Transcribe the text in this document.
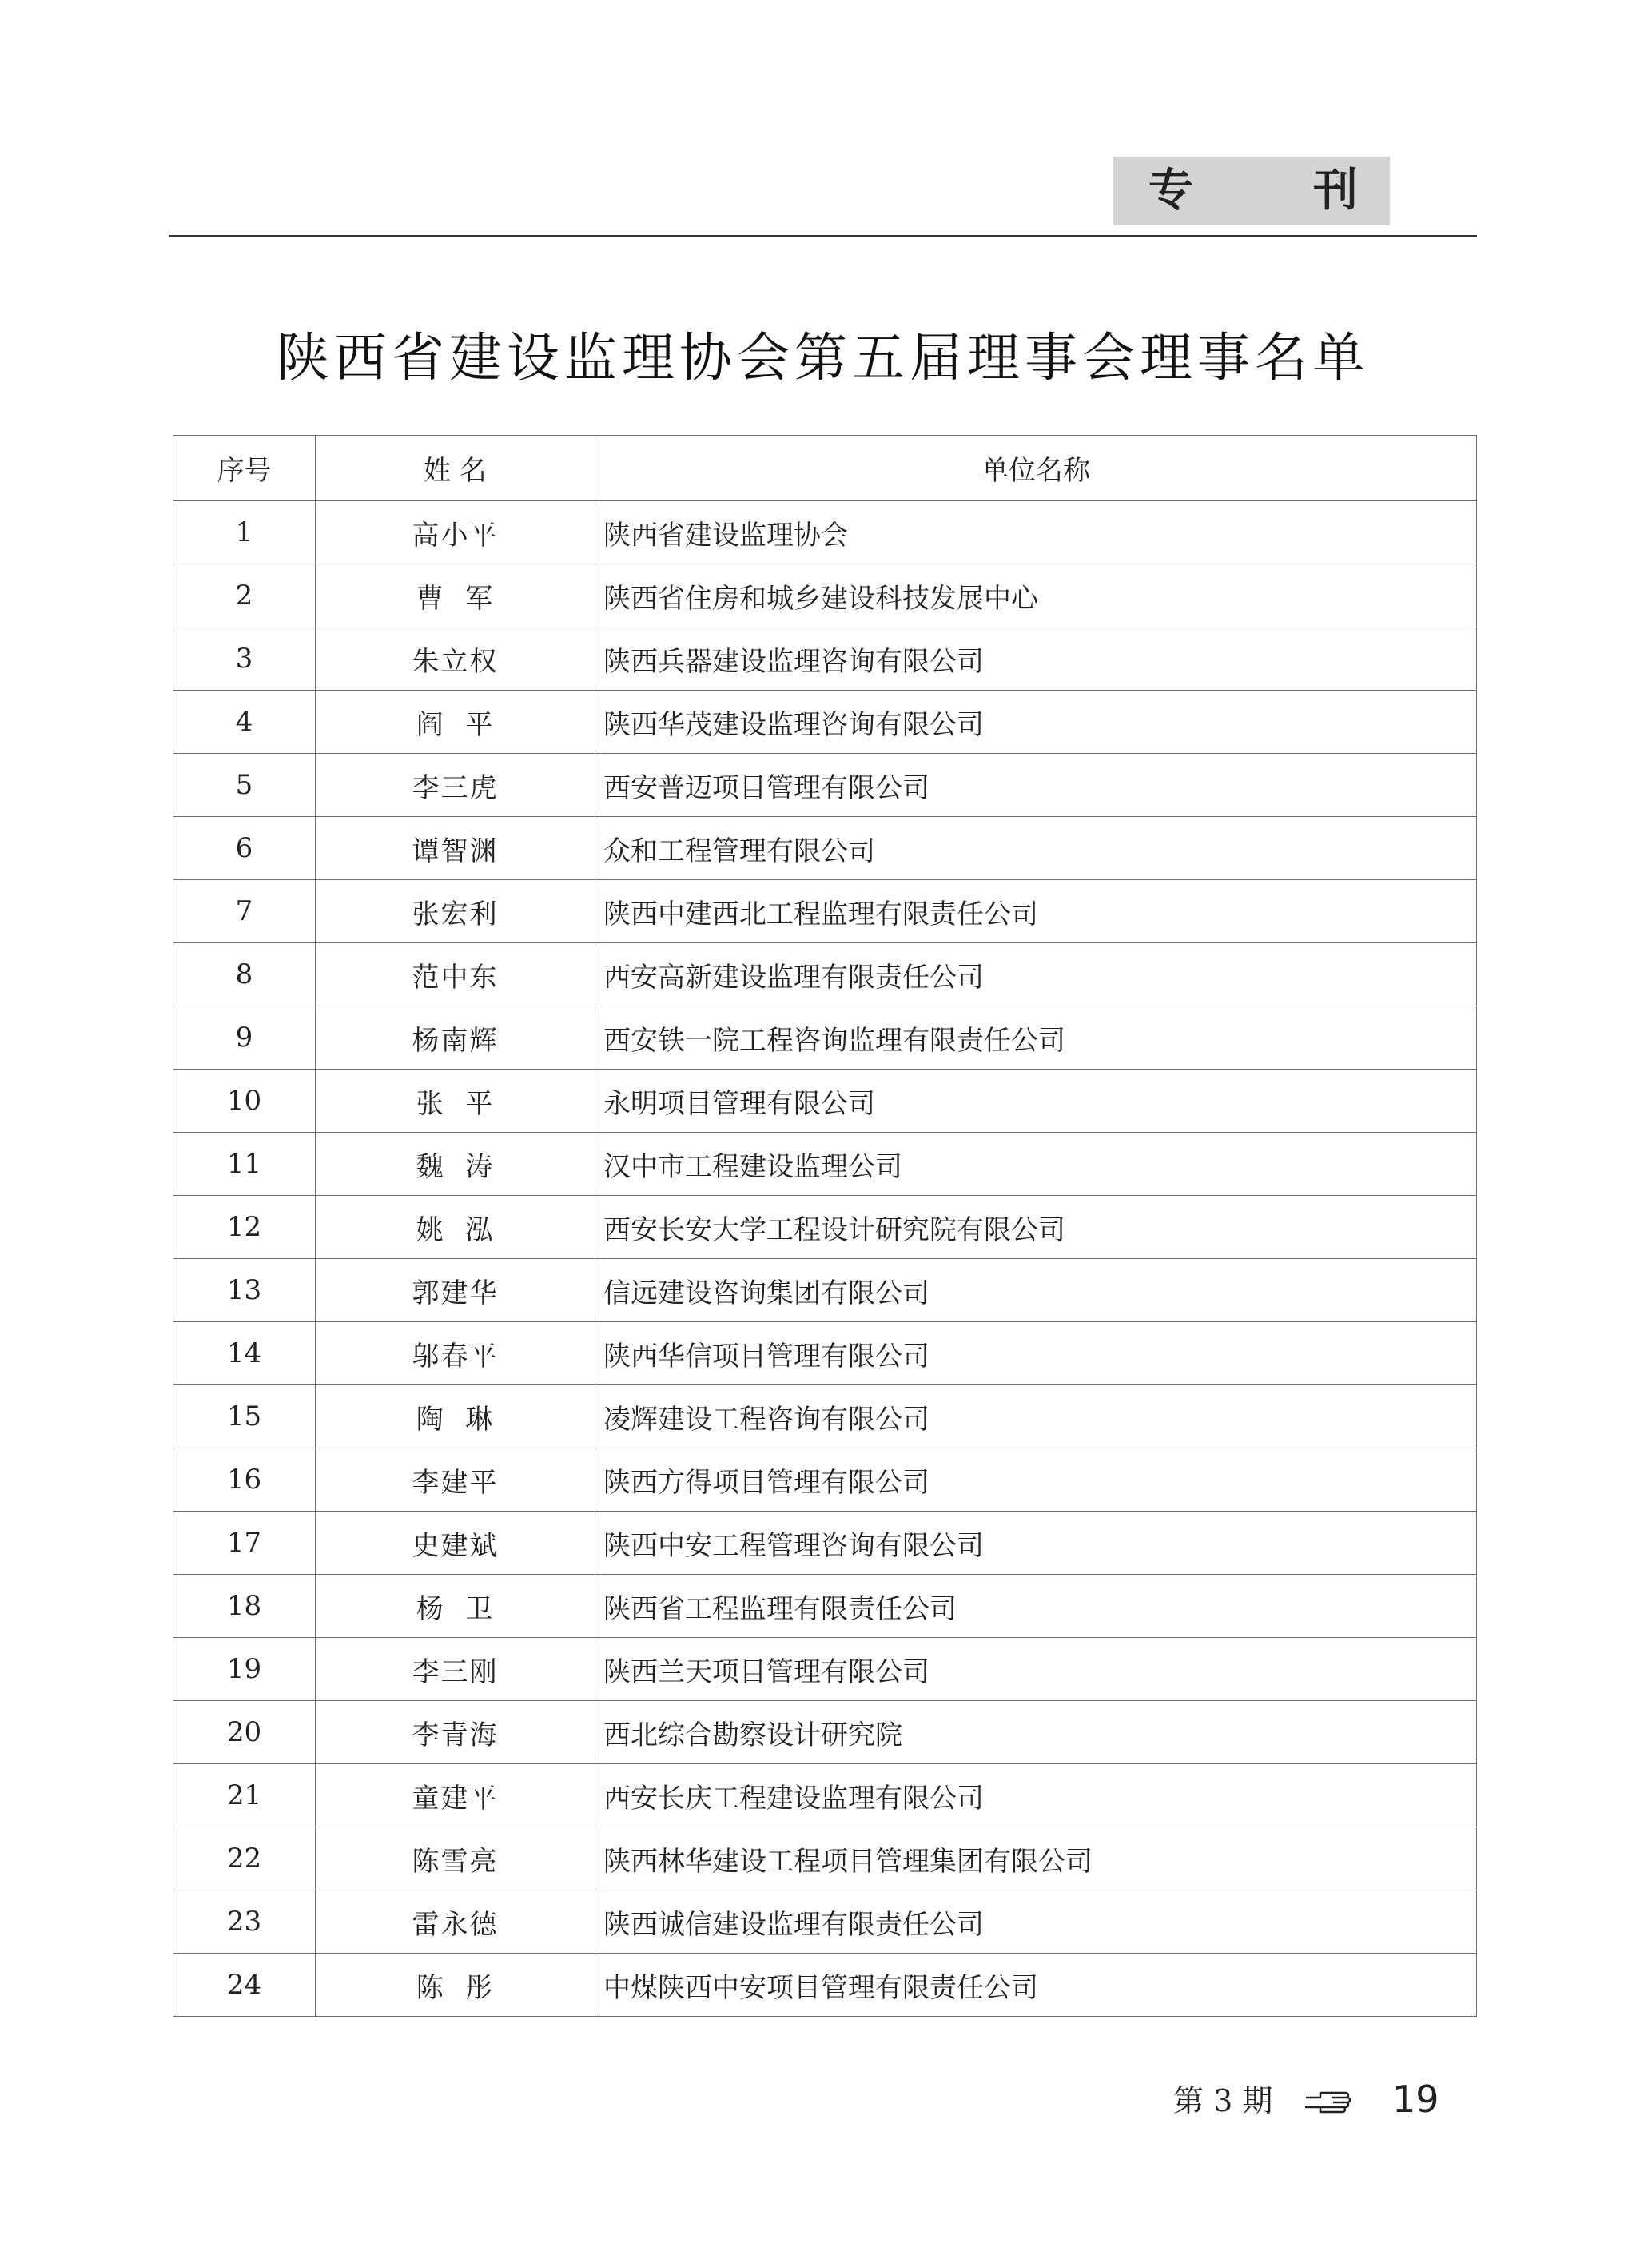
专	刊
陕西省建设监理协会第五届理事会理事名单
序号	姓 名	单位名称
1	高小平	陕西省建设监理协会
2	曹  军	陕西省住房和城乡建设科技发展中心
3	朱立权	陕西兵器建设监理咨询有限公司
4	阎  平	陕西华茂建设监理咨询有限公司
5	李三虎	西安普迈项目管理有限公司
6	谭智渊	众和工程管理有限公司
7	张宏利	陕西中建西北工程监理有限责任公司
8	范中东	西安高新建设监理有限责任公司
9	杨南辉	西安铁一院工程咨询监理有限责任公司
10	张  平	永明项目管理有限公司
11	魏  涛	汉中市工程建设监理公司
12	姚  泓	西安长安大学工程设计研究院有限公司
13	郭建华	信远建设咨询集团有限公司
14	邬春平	陕西华信项目管理有限公司
15	陶  琳	凌辉建设工程咨询有限公司
16	李建平	陕西方得项目管理有限公司
17	史建斌	陕西中安工程管理咨询有限公司
18	杨  卫	陕西省工程监理有限责任公司
19	李三刚	陕西兰天项目管理有限公司
20	李青海	西北综合勘察设计研究院
21	童建平	西安长庆工程建设监理有限公司
22	陈雪亮	陕西林华建设工程项目管理集团有限公司
23	雷永德	陕西诚信建设监理有限责任公司
24	陈  彤	中煤陕西中安项目管理有限责任公司
第 3 期	19
